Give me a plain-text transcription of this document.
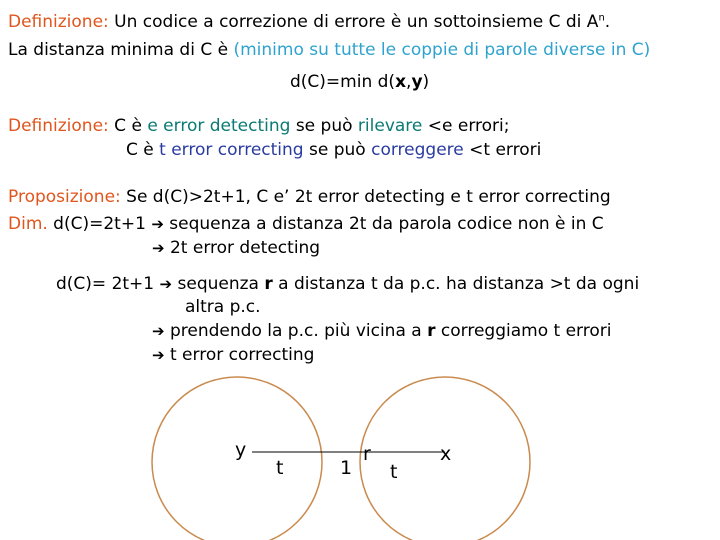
Definizione: Un codice a correzione di errore è un sottoinsieme C di $A^n$.
La distanza minima di C è (minimo su tutte le coppie di parole diverse in C)
d(C)=min d(x,y)
Definizione: C è e error detecting se può rilevare <e errori;
C è t error correcting se può correggere <t errori
Proposizione: Se d(C)>2t+1, C e’ 2t error detecting e t error correcting
Dim. d(C)=2t+1 ➔ sequenza a distanza 2t da parola codice non è in C
➔ 2t error detecting
d(C)= 2t+1 ➔ sequenza r a distanza t da p.c. ha distanza >t da ogni
altra p.c.
➔ prendendo la p.c. più vicina a r correggiamo t errori
➔ t error correcting
y
t	1
r
t
x
